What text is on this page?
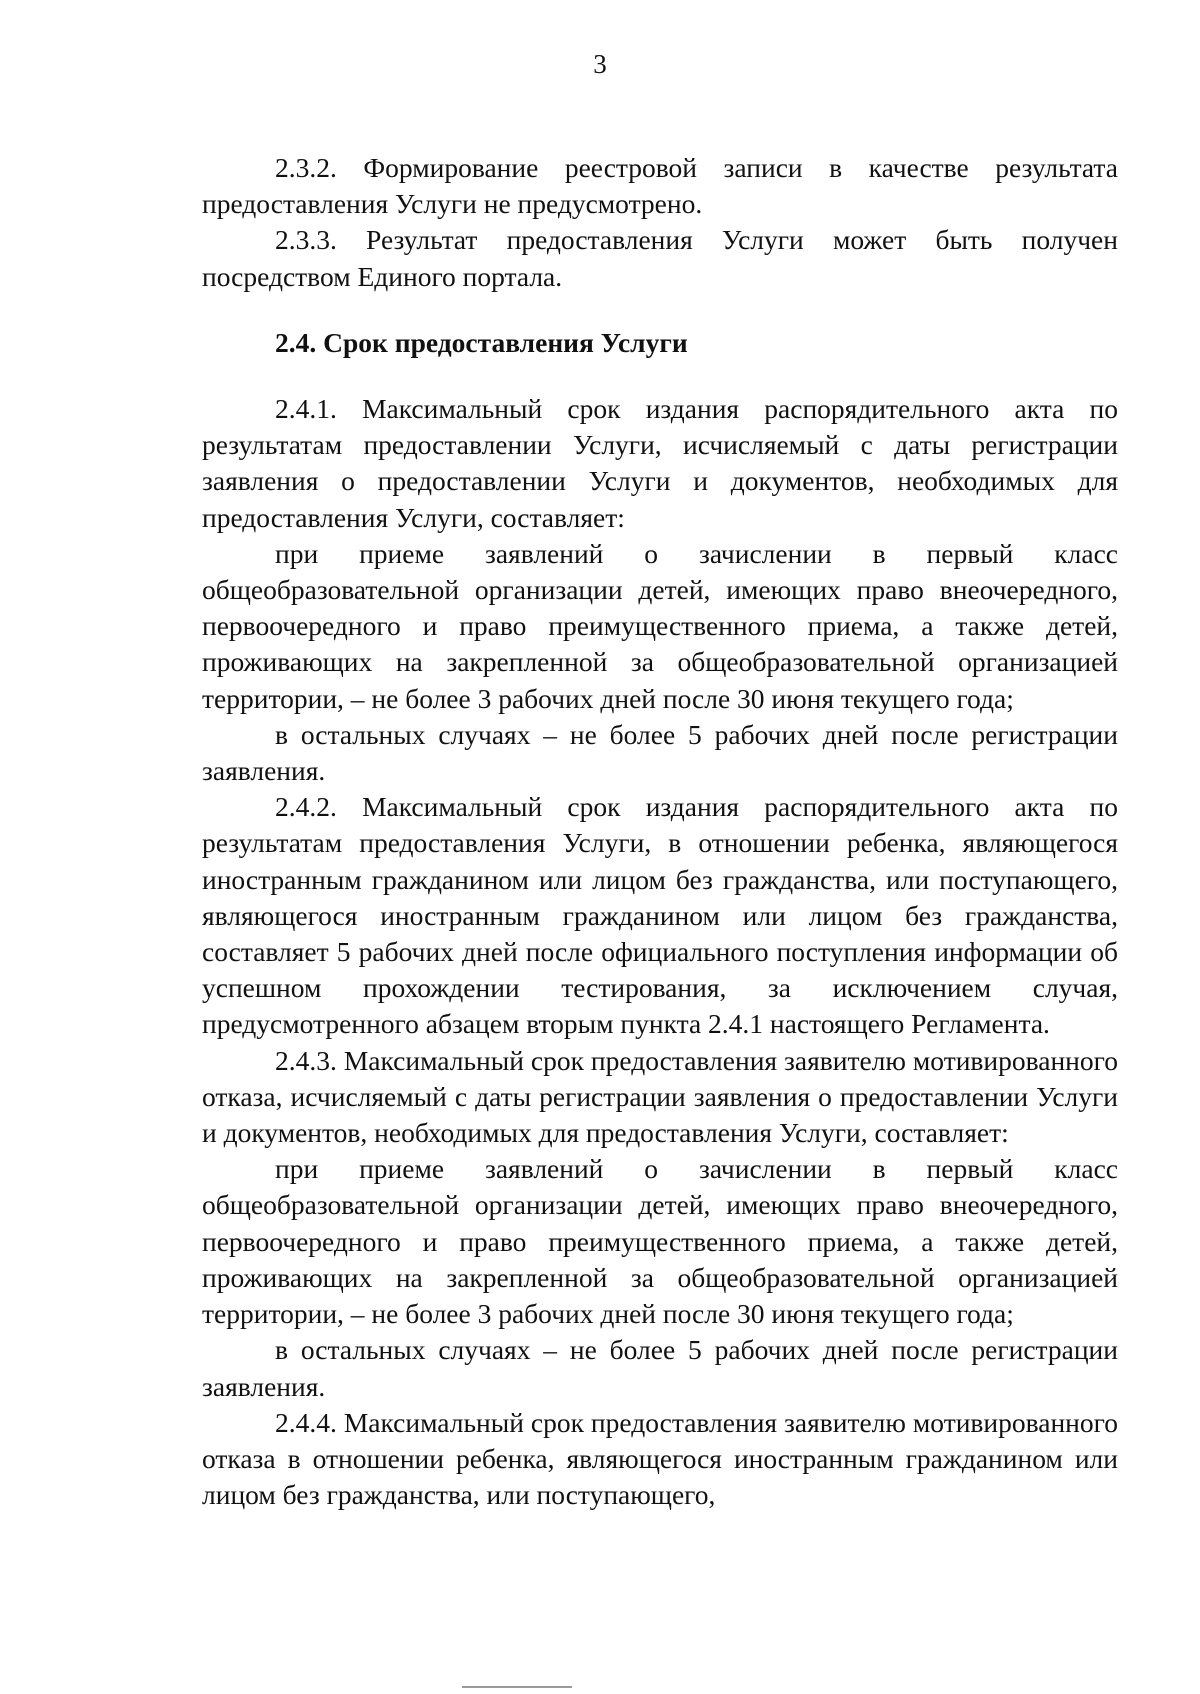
3

2.3.2. Формирование реестровой записи в качестве результата предоставления Услуги не предусмотрено.

2.3.3. Результат предоставления Услуги может быть получен посредством Единого портала.

2.4. Срок предоставления Услуги

2.4.1. Максимальный срок издания распорядительного акта по результатам предоставлении Услуги, исчисляемый с даты регистрации заявления о предоставлении Услуги и документов, необходимых для предоставления Услуги, составляет:

при приеме заявлений о зачислении в первый класс общеобразовательной организации детей, имеющих право внеочередного, первоочередного и право преимущественного приема, а также детей, проживающих на закрепленной за общеобразовательной организацией территории, – не более 3 рабочих дней после 30 июня текущего года;

в остальных случаях – не более 5 рабочих дней после регистрации заявления.

2.4.2. Максимальный срок издания распорядительного акта по результатам предоставления Услуги, в отношении ребенка, являющегося иностранным гражданином или лицом без гражданства, или поступающего, являющегося иностранным гражданином или лицом без гражданства, составляет 5 рабочих дней после официального поступления информации об успешном прохождении тестирования, за исключением случая, предусмотренного абзацем вторым пункта 2.4.1 настоящего Регламента.

2.4.3. Максимальный срок предоставления заявителю мотивированного отказа, исчисляемый с даты регистрации заявления о предоставлении Услуги и документов, необходимых для предоставления Услуги, составляет:

при приеме заявлений о зачислении в первый класс общеобразовательной организации детей, имеющих право внеочередного, первоочередного и право преимущественного приема, а также детей, проживающих на закрепленной за общеобразовательной организацией территории, – не более 3 рабочих дней после 30 июня текущего года;

в остальных случаях – не более 5 рабочих дней после регистрации заявления.

2.4.4. Максимальный срок предоставления заявителю мотивированного отказа в отношении ребенка, являющегося иностранным гражданином или лицом без гражданства, или поступающего,
